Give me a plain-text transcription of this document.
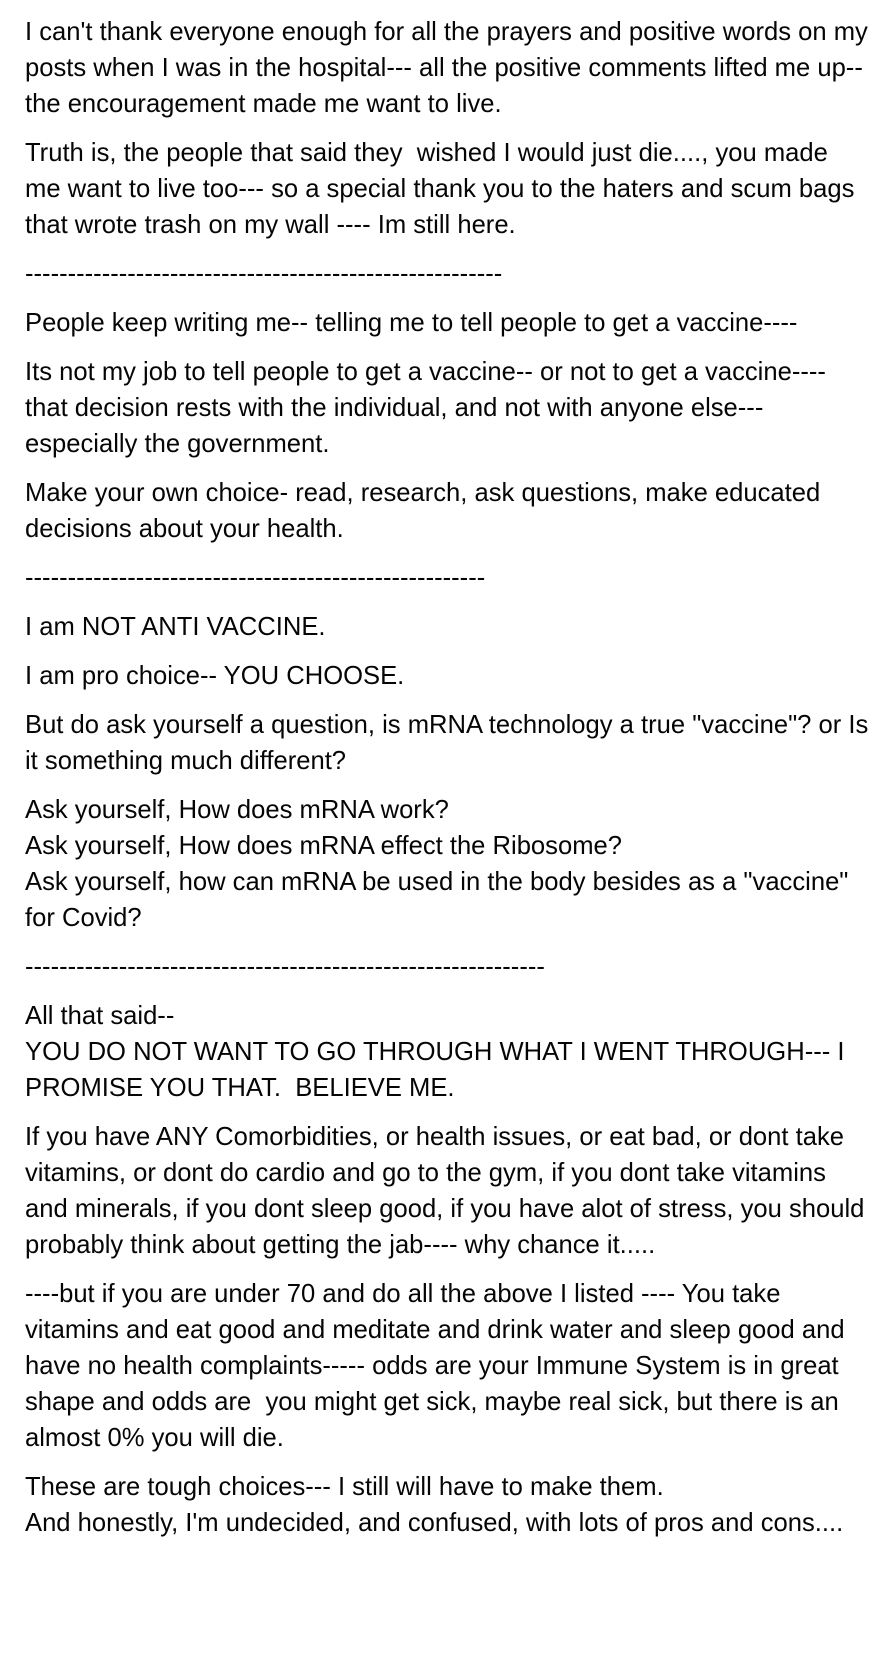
I can't thank everyone enough for all the prayers and positive words on my posts when I was in the hospital--- all the positive comments lifted me up-- the encouragement made me want to live.

Truth is, the people that said they  wished I would just die...., you made me want to live too--- so a special thank you to the haters and scum bags that wrote trash on my wall ---- Im still here.

--------------------------------------------------------

People keep writing me-- telling me to tell people to get a vaccine----

Its not my job to tell people to get a vaccine-- or not to get a vaccine---- that decision rests with the individual, and not with anyone else--- especially the government.

Make your own choice- read, research, ask questions, make educated decisions about your health.

------------------------------------------------------

I am NOT ANTI VACCINE.

I am pro choice-- YOU CHOOSE.

But do ask yourself a question, is mRNA technology a true "vaccine"? or Is it something much different?

Ask yourself, How does mRNA work?
Ask yourself, How does mRNA effect the Ribosome?
Ask yourself, how can mRNA be used in the body besides as a "vaccine" for Covid?

-------------------------------------------------------------

All that said--
YOU DO NOT WANT TO GO THROUGH WHAT I WENT THROUGH--- I PROMISE YOU THAT.  BELIEVE ME.

If you have ANY Comorbidities, or health issues, or eat bad, or dont take vitamins, or dont do cardio and go to the gym, if you dont take vitamins and minerals, if you dont sleep good, if you have alot of stress, you should probably think about getting the jab---- why chance it.....

----but if you are under 70 and do all the above I listed ---- You take vitamins and eat good and meditate and drink water and sleep good and have no health complaints----- odds are your Immune System is in great shape and odds are  you might get sick, maybe real sick, but there is an almost 0% you will die.

These are tough choices--- I still will have to make them.
And honestly, I'm undecided, and confused, with lots of pros and cons....
